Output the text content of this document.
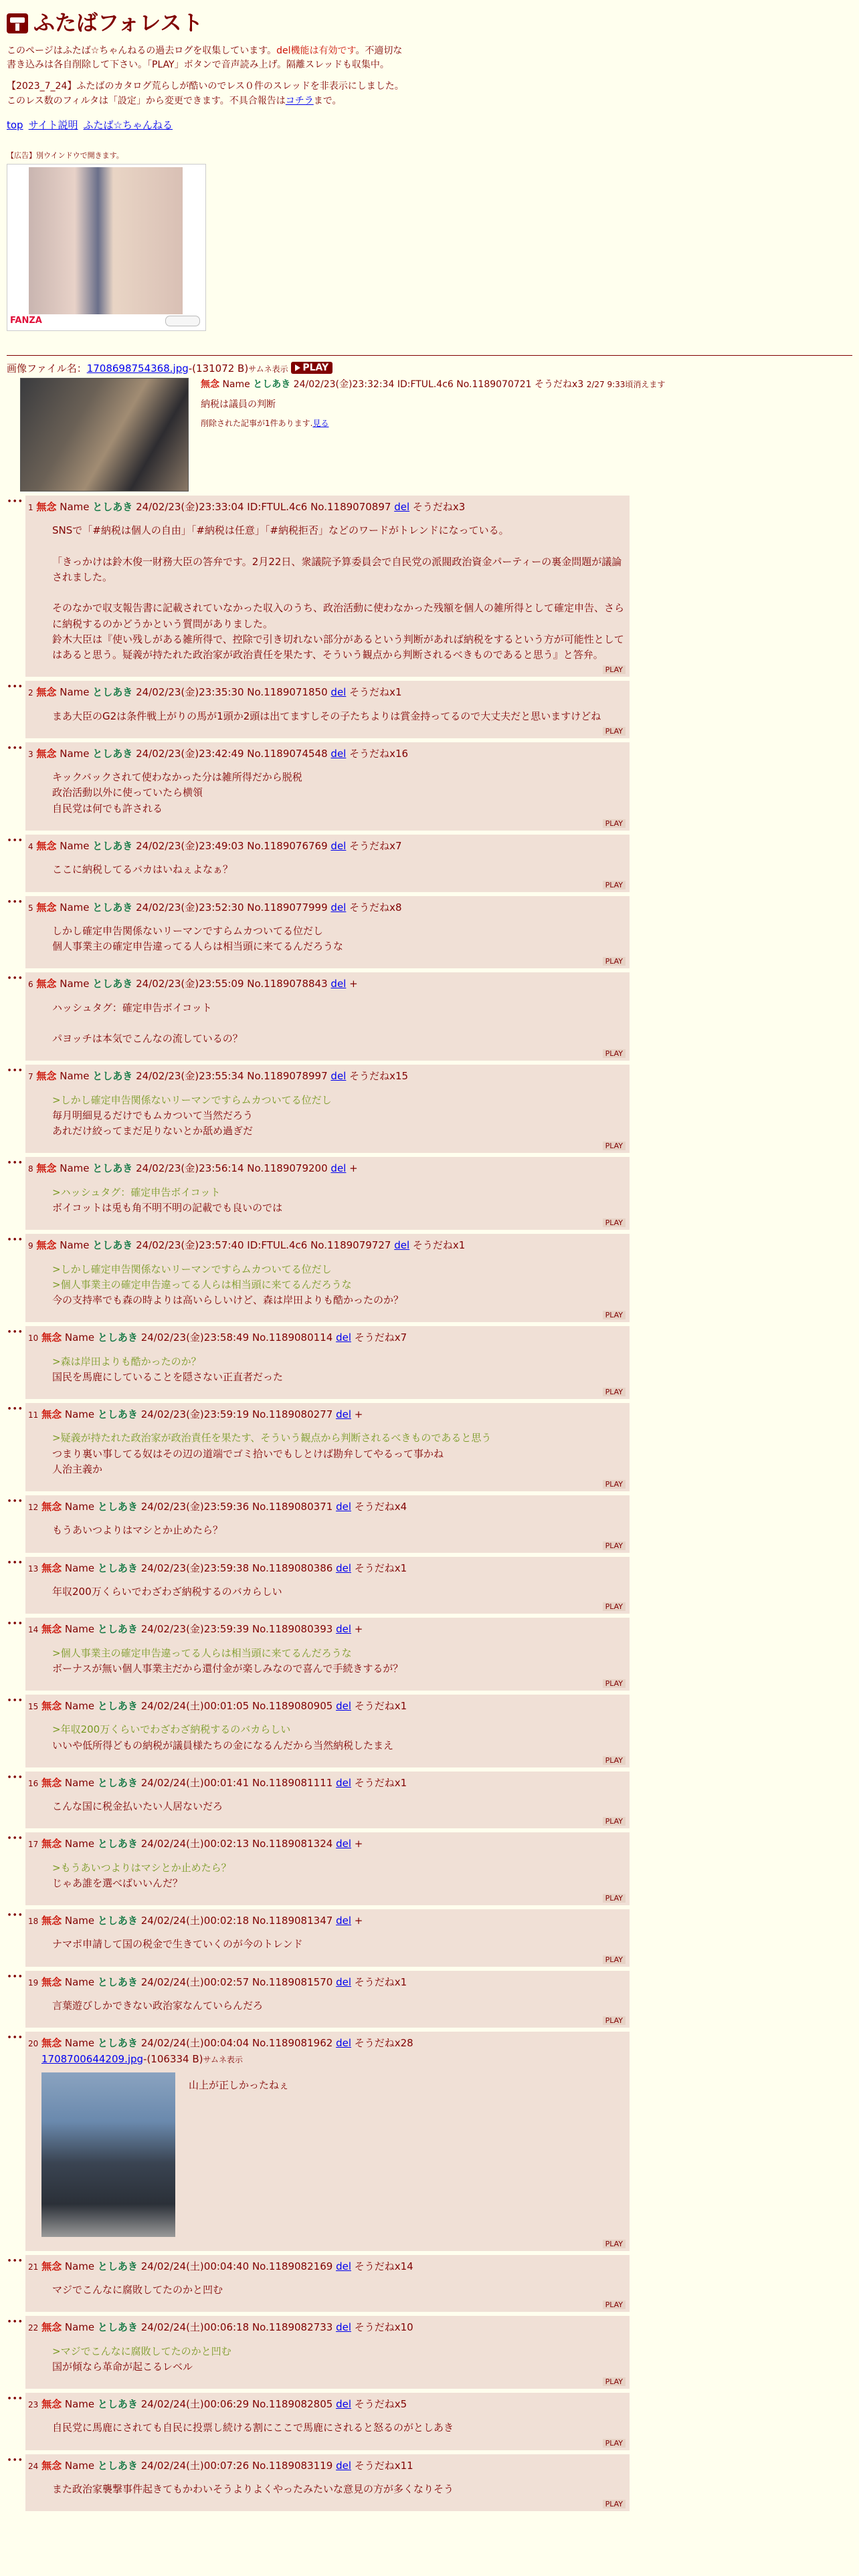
ふたばフォレスト

このページはふたば☆ちゃんねるの過去ログを収集しています。del機能は有効です。不適切な書き込みは各自削除して下さい。「PLAY」ボタンで音声読み上げ。隔離スレッドも収集中。

【2023_7_24】ふたばのカタログ荒らしが酷いのでレス０件のスレッドを非表示にしました。このレス数のフィルタは「設定」から変更できます。不具合報告はコチラまで。

top サイト説明 ふたば☆ちゃんねる
【広告】別ウインドウで開きます。
FANZA
画像ファイル名：1708698754368.jpg-(131072 B)サムネ表示 PLAY
無念 Name としあき 24/02/23(金)23:32:34 ID:FTUL.4c6 No.1189070721 そうだねx3 2/27 9:33頃消えます

納税は議員の判断

削除された記事が1件あります.見る

∙∙∙
1 無念 Name としあき 24/02/23(金)23:33:04 ID:FTUL.4c6 No.1189070897 del そうだねx3
SNSで「#納税は個人の自由」「#納税は任意」「#納税拒否」などのワードがトレンドになっている。
「きっかけは鈴木俊一財務大臣の答弁です。2月22日、衆議院予算委員会で自民党の派閥政治資金パーティーの裏金問題が議論されました。
そのなかで収支報告書に記載されていなかった収入のうち、政治活動に使わなかった残額を個人の雑所得として確定申告、さらに納税するのかどうかという質問がありました。
鈴木大臣は『使い残しがある雑所得で、控除で引き切れない部分があるという判断があれば納税をするという方が可能性としてはあると思う。疑義が持たれた政治家が政治責任を果たす、そういう観点から判断されるべきものであると思う』と答弁。
PLAY
∙∙∙
2 無念 Name としあき 24/02/23(金)23:35:30 No.1189071850 del そうだねx1
まあ大臣のG2は条件戦上がりの馬が1頭か2頭は出てますしその子たちよりは賞金持ってるので大丈夫だと思いますけどね
PLAY
∙∙∙
3 無念 Name としあき 24/02/23(金)23:42:49 No.1189074548 del そうだねx16
キックバックされて使わなかった分は雑所得だから脱税
政治活動以外に使っていたら横領
自民党は何でも許される
PLAY
∙∙∙
4 無念 Name としあき 24/02/23(金)23:49:03 No.1189076769 del そうだねx7
ここに納税してるバカはいねぇよなぁ？
PLAY
∙∙∙
5 無念 Name としあき 24/02/23(金)23:52:30 No.1189077999 del そうだねx8
しかし確定申告関係ないリーマンですらムカついてる位だし
個人事業主の確定申告違ってる人らは相当頭に来てるんだろうな
PLAY
∙∙∙
6 無念 Name としあき 24/02/23(金)23:55:09 No.1189078843 del +
ハッシュタグ：確定申告ボイコット
パヨッチは本気でこんなの流しているの？
PLAY
∙∙∙
7 無念 Name としあき 24/02/23(金)23:55:34 No.1189078997 del そうだねx15
>しかし確定申告関係ないリーマンですらムカついてる位だし
毎月明細見るだけでもムカついて当然だろう
あれだけ絞ってまだ足りないとか舐め過ぎだ
PLAY
∙∙∙
8 無念 Name としあき 24/02/23(金)23:56:14 No.1189079200 del +
>ハッシュタグ：確定申告ボイコット
ボイコットは兎も角不明不明の記載でも良いのでは
PLAY
∙∙∙
9 無念 Name としあき 24/02/23(金)23:57:40 ID:FTUL.4c6 No.1189079727 del そうだねx1
>しかし確定申告関係ないリーマンですらムカついてる位だし
>個人事業主の確定申告違ってる人らは相当頭に来てるんだろうな
今の支持率でも森の時よりは高いらしいけど、森は岸田よりも酷かったのか？
PLAY
∙∙∙
10 無念 Name としあき 24/02/23(金)23:58:49 No.1189080114 del そうだねx7
>森は岸田よりも酷かったのか？
国民を馬鹿にしていることを隠さない正直者だった
PLAY
∙∙∙
11 無念 Name としあき 24/02/23(金)23:59:19 No.1189080277 del +
>疑義が持たれた政治家が政治責任を果たす、そういう観点から判断されるべきものであると思う
つまり裏い事してる奴はその辺の道端でゴミ拾いでもしとけば勘弁してやるって事かね
人治主義か
PLAY
∙∙∙
12 無念 Name としあき 24/02/23(金)23:59:36 No.1189080371 del そうだねx4
もうあいつよりはマシとか止めたら？
PLAY
∙∙∙
13 無念 Name としあき 24/02/23(金)23:59:38 No.1189080386 del そうだねx1
年収200万くらいでわざわざ納税するのバカらしい
PLAY
∙∙∙
14 無念 Name としあき 24/02/23(金)23:59:39 No.1189080393 del +
>個人事業主の確定申告違ってる人らは相当頭に来てるんだろうな
ボーナスが無い個人事業主だから還付金が楽しみなので喜んで手続きするが？
PLAY
∙∙∙
15 無念 Name としあき 24/02/24(土)00:01:05 No.1189080905 del そうだねx1
>年収200万くらいでわざわざ納税するのバカらしい
いいや低所得どもの納税が議員様たちの金になるんだから当然納税したまえ
PLAY
∙∙∙
16 無念 Name としあき 24/02/24(土)00:01:41 No.1189081111 del そうだねx1
こんな国に税金払いたい人居ないだろ
PLAY
∙∙∙
17 無念 Name としあき 24/02/24(土)00:02:13 No.1189081324 del +
>もうあいつよりはマシとか止めたら？
じゃあ誰を選べばいいんだ？
PLAY
∙∙∙
18 無念 Name としあき 24/02/24(土)00:02:18 No.1189081347 del +
ナマポ申請して国の税金で生きていくのが今のトレンド
PLAY
∙∙∙
19 無念 Name としあき 24/02/24(土)00:02:57 No.1189081570 del そうだねx1
言葉遊びしかできない政治家なんていらんだろ
PLAY
∙∙∙
20 無念 Name としあき 24/02/24(土)00:04:04 No.1189081962 del そうだねx28
1708700644209.jpg-(106334 B)サムネ表示
山上が正しかったねぇ
PLAY
∙∙∙
21 無念 Name としあき 24/02/24(土)00:04:40 No.1189082169 del そうだねx14
マジでこんなに腐敗してたのかと凹む
PLAY
∙∙∙
22 無念 Name としあき 24/02/24(土)00:06:18 No.1189082733 del そうだねx10
>マジでこんなに腐敗してたのかと凹む
国が傾なら革命が起こるレベル
PLAY
∙∙∙
23 無念 Name としあき 24/02/24(土)00:06:29 No.1189082805 del そうだねx5
自民党に馬鹿にされても自民に投票し続ける割にここで馬鹿にされると怒るのがとしあき
PLAY
∙∙∙
24 無念 Name としあき 24/02/24(土)00:07:26 No.1189083119 del そうだねx11
また政治家襲撃事件起きてもかわいそうよりよくやったみたいな意見の方が多くなりそう
PLAY
